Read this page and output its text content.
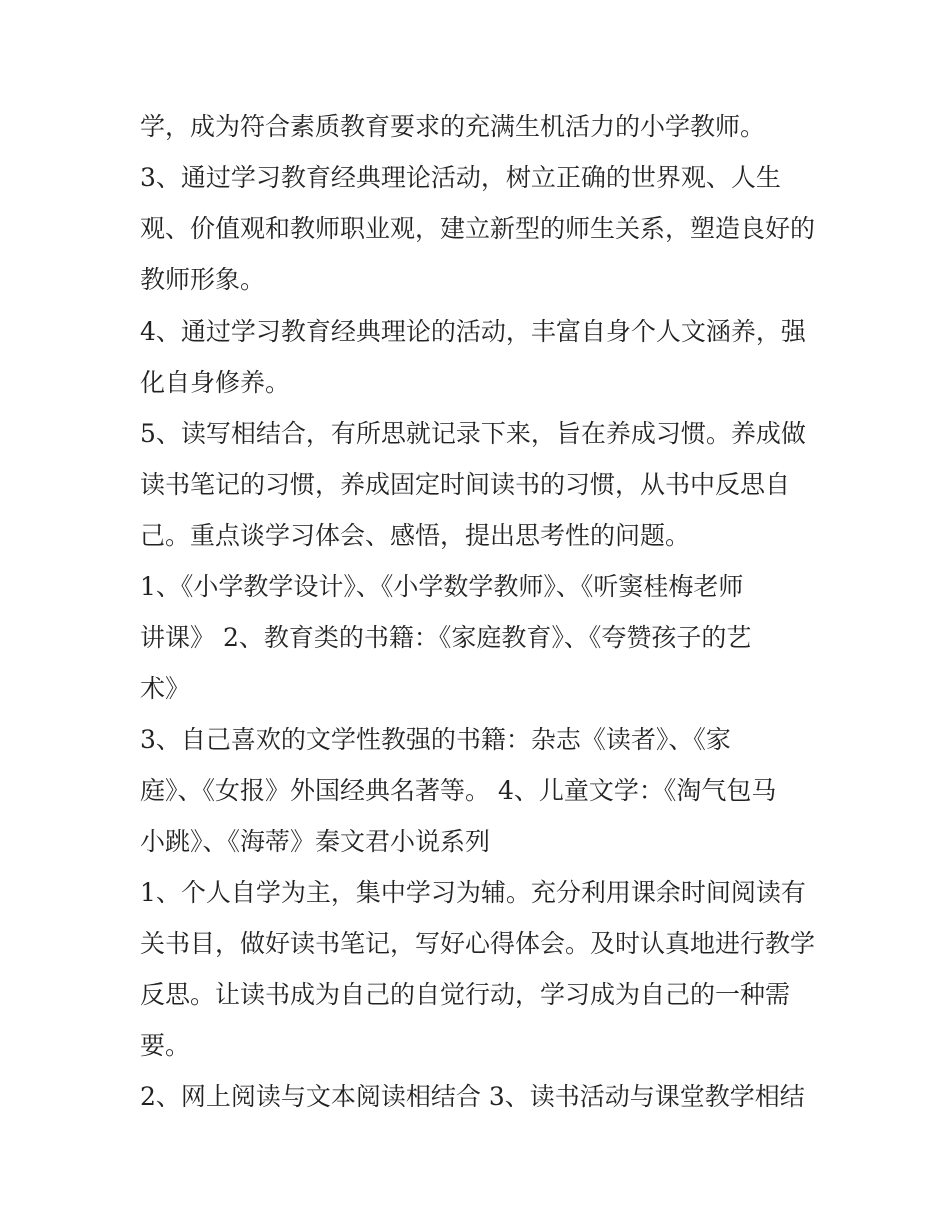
学，成为符合素质教育要求的充满生机活力的小学教师。
3、通过学习教育经典理论活动，树立正确的世界观、人生
观、价值观和教师职业观，建立新型的师生关系，塑造良好的
教师形象。
4、通过学习教育经典理论的活动，丰富自身个人文涵养，强
化自身修养。
5、读写相结合，有所思就记录下来，旨在养成习惯。养成做
读书笔记的习惯，养成固定时间读书的习惯，从书中反思自
己。重点谈学习体会、感悟，提出思考性的问题。
1、《小学教学设计》、《小学数学教师》、《听窦桂梅老师
讲课》 2、教育类的书籍：《家庭教育》、《夸赞孩子的艺
术》
3、自己喜欢的文学性教强的书籍：杂志《读者》、《家
庭》、《女报》外国经典名著等。 4、儿童文学：《淘气包马
小跳》、《海蒂》秦文君小说系列
1、个人自学为主，集中学习为辅。充分利用课余时间阅读有
关书目，做好读书笔记，写好心得体会。及时认真地进行教学
反思。让读书成为自己的自觉行动，学习成为自己的一种需
要。
2、网上阅读与文本阅读相结合 3、读书活动与课堂教学相结
